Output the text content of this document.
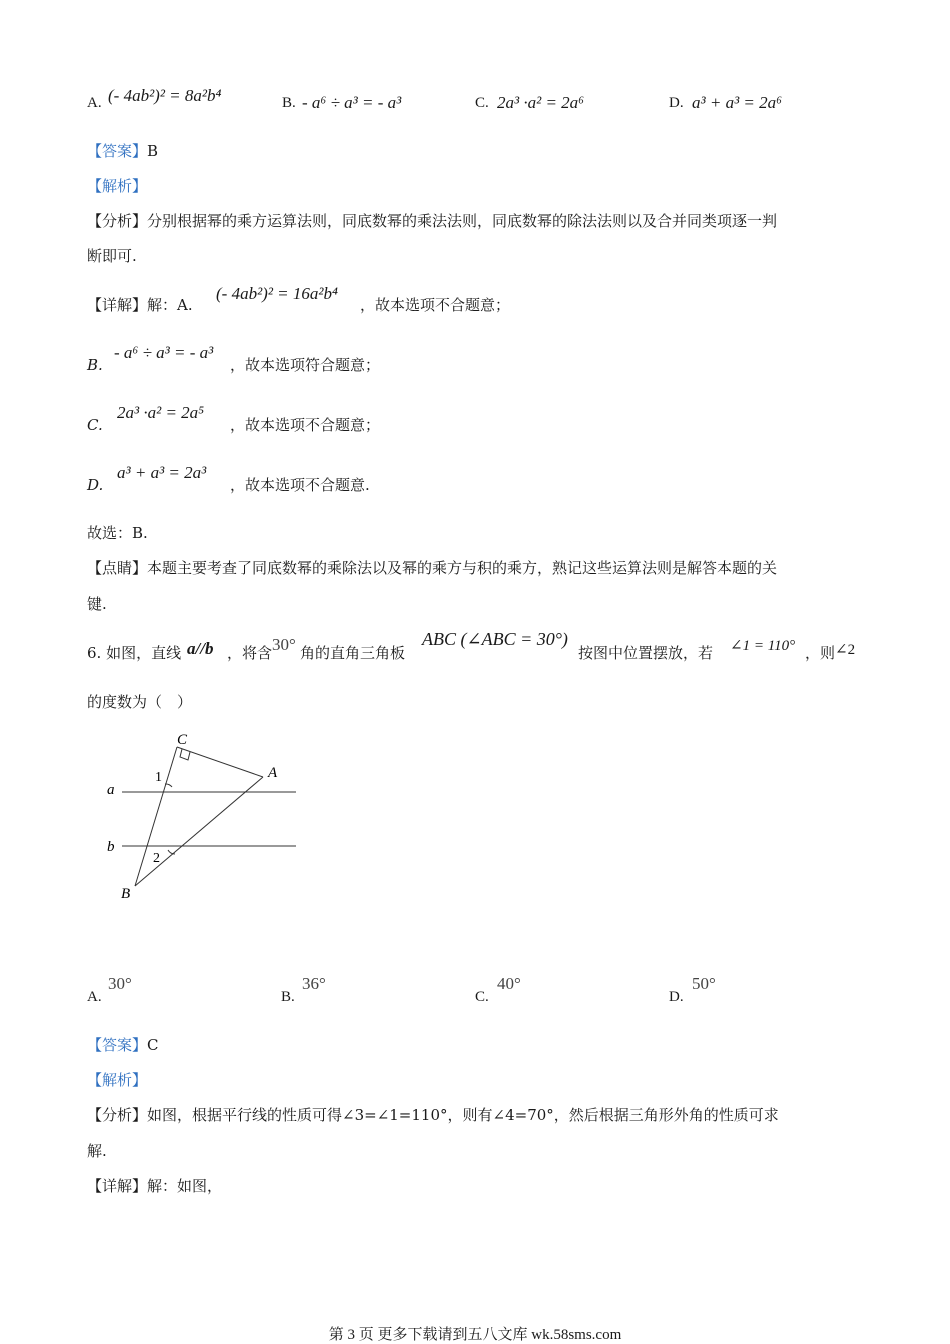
A. (- 4ab²)² = 8a²b⁴	B. - a⁶ ÷ a³ = - a³	C. 2a³ ·a² = 2a⁶	D. a³ + a³ = 2a⁶
【答案】B
【解析】
【分析】分别根据幂的乘方运算法则，同底数幂的乘法法则，同底数幂的除法法则以及合并同类项逐一判
断即可.
【详解】解：A.
(- 4ab²)² = 16a²b⁴
，故本选项不合题意；
B.
- a⁶ ÷ a³ = - a³
，故本选项符合题意；
C.
2a³ ·a² = 2a⁵
，故本选项不合题意；
D.
a³ + a³ = 2a³
，故本选项不合题意.
故选：B.
【点睛】本题主要考查了同底数幂的乘除法以及幂的乘方与积的乘方，熟记这些运算法则是解答本题的关
键.
6. 如图，直线 a//b ，将含 30° 角的直角三角板
ABC (∠ABC = 30°)
按图中位置摆放，若 ∠1 = 110° ，则 ∠2
的度数为（　）
C
A
B
a
b
1
2
A.
30°
B.
36°
C.
40°
D.
50°
【答案】C
【解析】
【分析】如图，根据平行线的性质可得∠3=∠1=110°，则有∠4=70°，然后根据三角形外角的性质可求
解.
【详解】解：如图，
第 3 页 更多下载请到五八文库 wk.58sms.com
